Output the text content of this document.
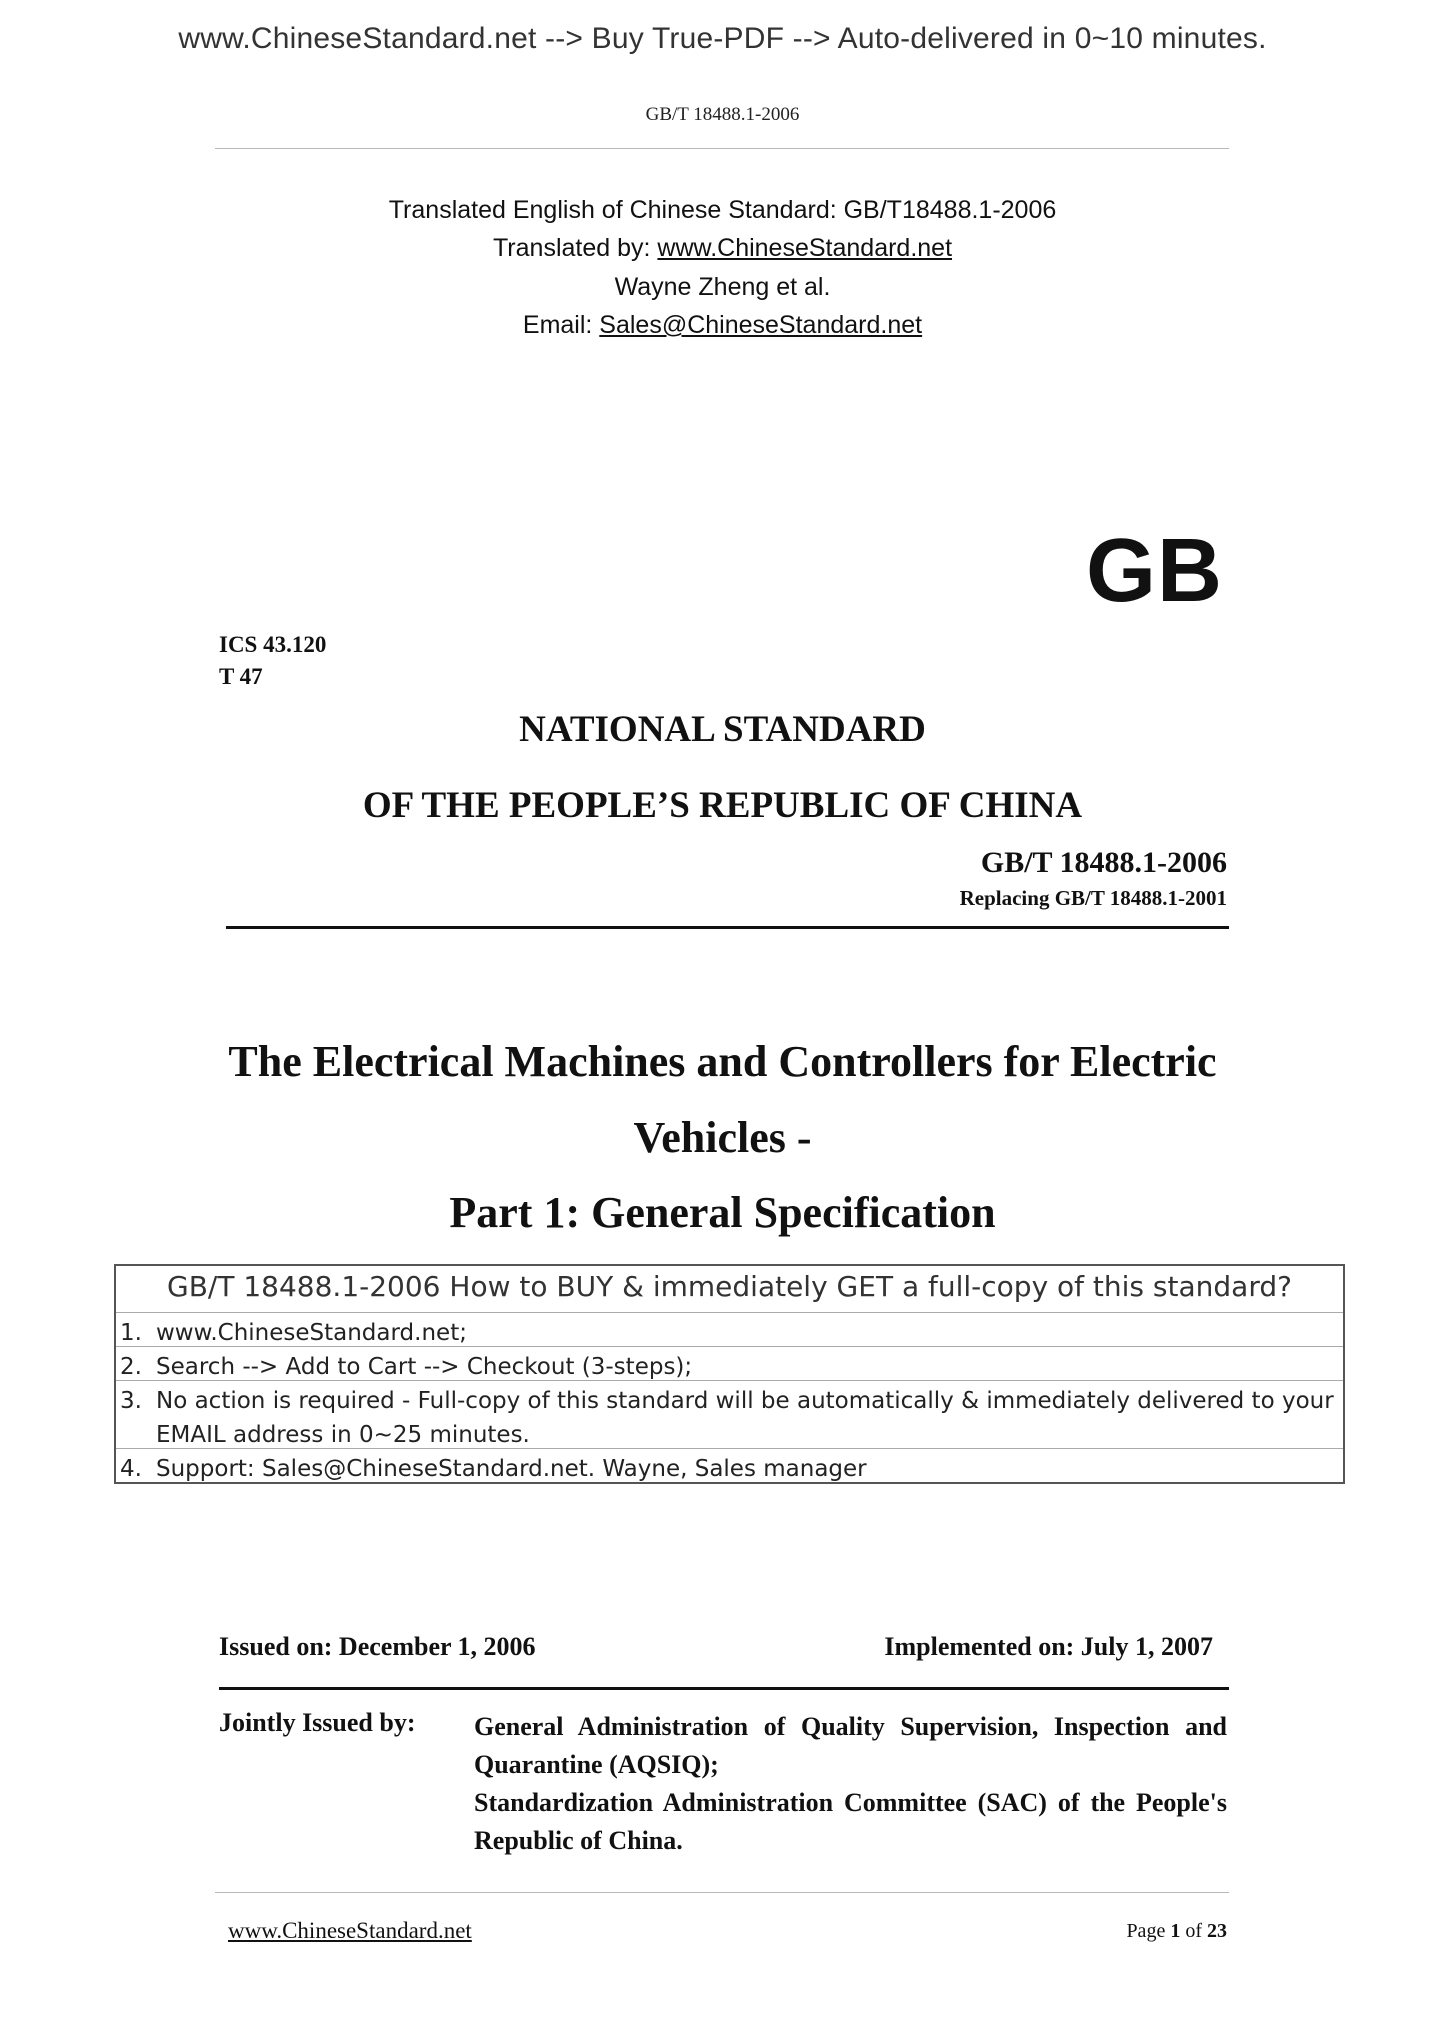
www.ChineseStandard.net --> Buy True-PDF --> Auto-delivered in 0~10 minutes.
GB/T 18488.1-2006
Translated English of Chinese Standard: GB/T18488.1-2006
Translated by: www.ChineseStandard.net
Wayne Zheng et al.
Email: Sales@ChineseStandard.net
GB
ICS 43.120
T 47
NATIONAL STANDARD
OF THE PEOPLE’S REPUBLIC OF CHINA
GB/T 18488.1-2006
Replacing GB/T 18488.1-2001
The Electrical Machines and Controllers for Electric
Vehicles -
Part 1: General Specification
GB/T 18488.1-2006 How to BUY & immediately GET a full-copy of this standard?
1. www.ChineseStandard.net;
2. Search --> Add to Cart --> Checkout (3-steps);
3. No action is required - Full-copy of this standard will be automatically & immediately delivered to your EMAIL address in 0~25 minutes.
4. Support: Sales@ChineseStandard.net. Wayne, Sales manager
Issued on: December 1, 2006	Implemented on: July 1, 2007
Jointly Issued by: General Administration of Quality Supervision, Inspection and Quarantine (AQSIQ);

Standardization Administration Committee (SAC) of the People's Republic of China.

www.ChineseStandard.net	Page 1 of 23
